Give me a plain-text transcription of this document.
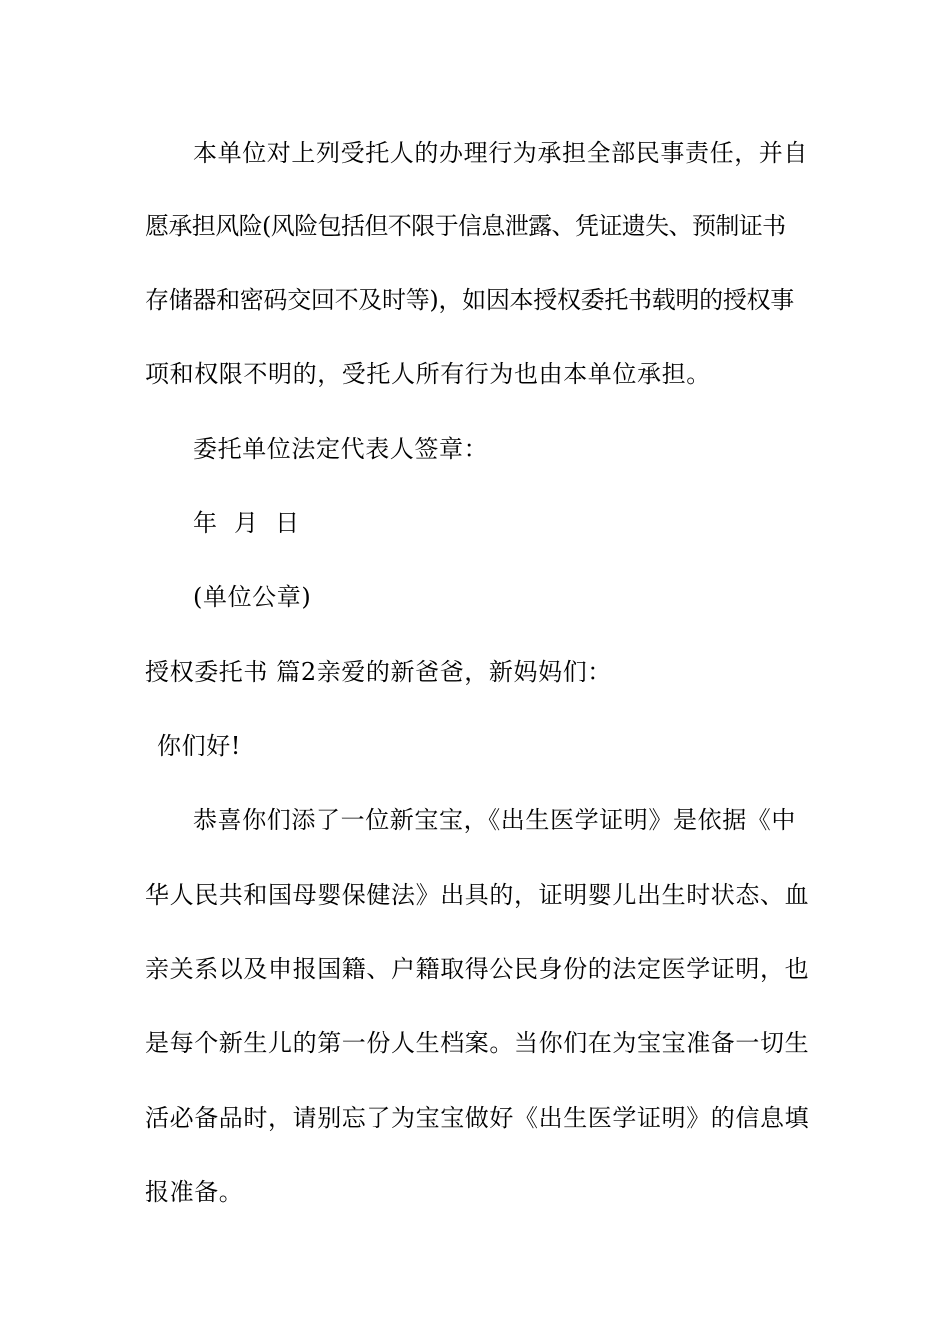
本单位对上列受托人的办理行为承担全部民事责任，并自
愿承担风险(风险包括但不限于信息泄露、凭证遗失、预制证书
存储器和密码交回不及时等)，如因本授权委托书载明的授权事
项和权限不明的，受托人所有行为也由本单位承担。
委托单位法定代表人签章：
年  月  日
(单位公章)
授权委托书 篇2亲爱的新爸爸，新妈妈们：
你们好!
恭喜你们添了一位新宝宝，《出生医学证明》是依据《中
华人民共和国母婴保健法》出具的，证明婴儿出生时状态、血
亲关系以及申报国籍、户籍取得公民身份的法定医学证明，也
是每个新生儿的第一份人生档案。当你们在为宝宝准备一切生
活必备品时，请别忘了为宝宝做好《出生医学证明》的信息填
报准备。
